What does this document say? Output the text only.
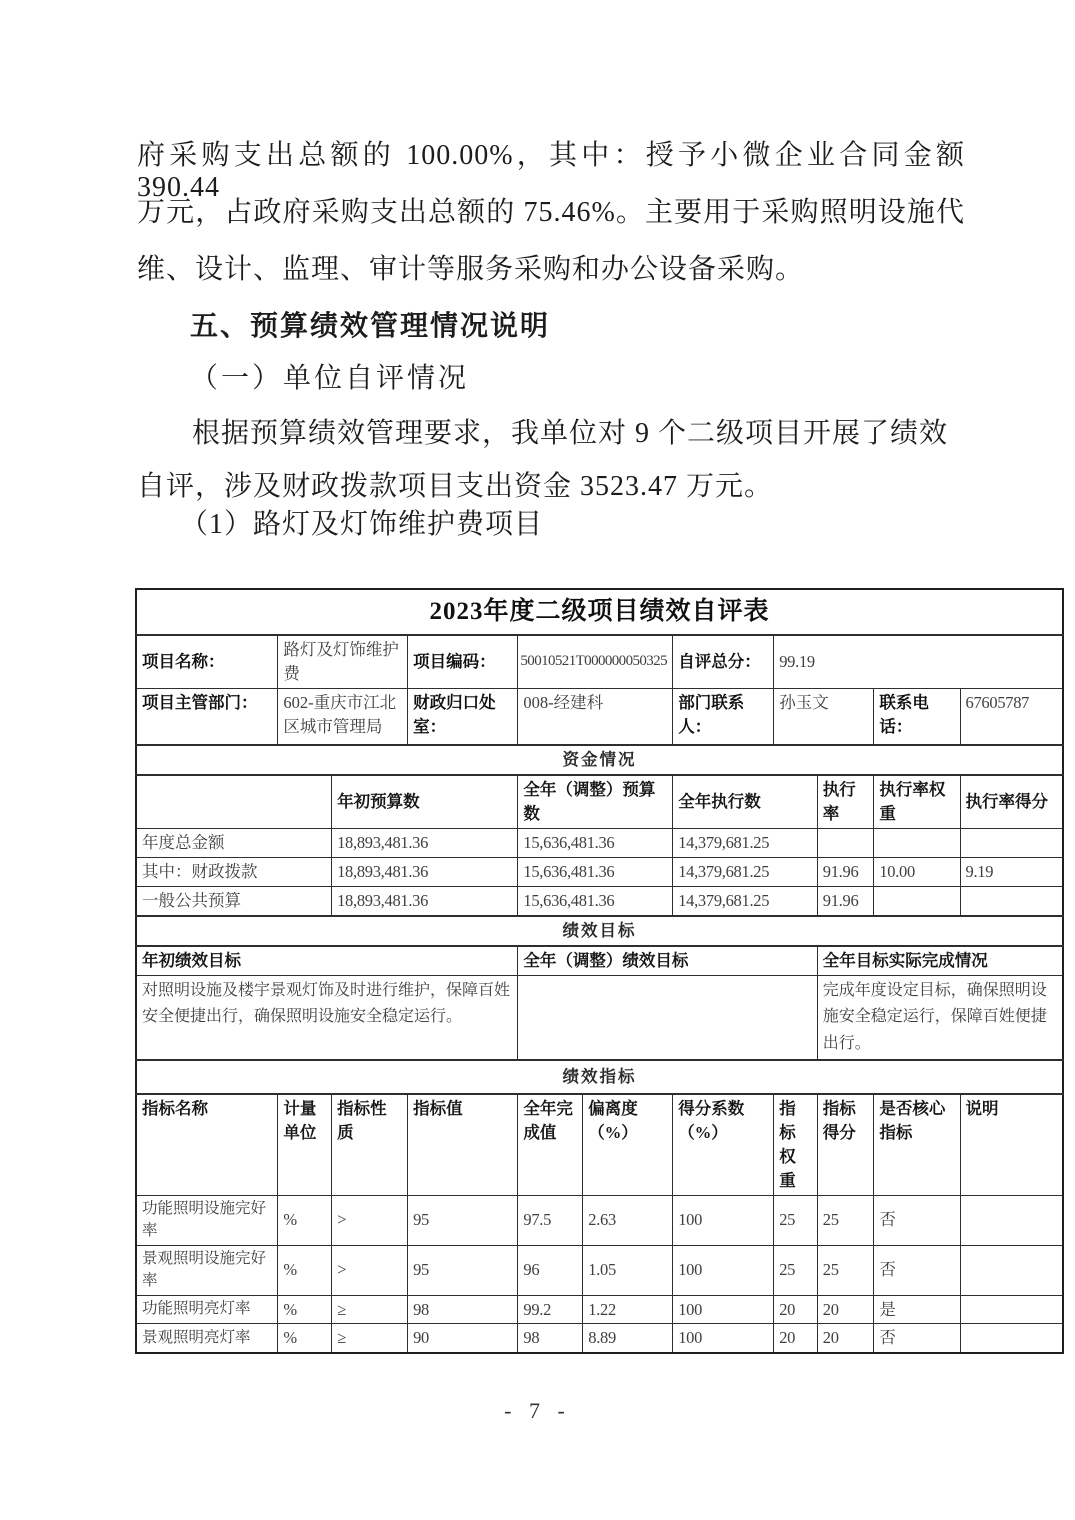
府采购支出总额的 100.00%，其中：授予小微企业合同金额 390.44
万元，占政府采购支出总额的 75.46%。主要用于采购照明设施代
维、设计、监理、审计等服务采购和办公设备采购。
五、预算绩效管理情况说明
（一）单位自评情况
根据预算绩效管理要求，我单位对 9 个二级项目开展了绩效
自评，涉及财政拨款项目支出资金 3523.47 万元。
（1）路灯及灯饰维护费项目
2023年度二级项目绩效自评表										
项目名称：	路灯及灯饰维护费		项目编码：	50010521T000000050325		自评总分：	99.19			
项目主管部门：	602-重庆市江北区城市管理局		财政归口处室：	008-经建科		部门联系人：	孙玉文		联系电话：	67605787
资金情况										
		年初预算数		全年（调整）预算数		全年执行数		执行率	执行率权重	执行率得分
年度总金额		18,893,481.36		15,636,481.36		14,379,681.25				
其中：财政拨款		18,893,481.36		15,636,481.36		14,379,681.25		91.96	10.00	9.19
一般公共预算		18,893,481.36		15,636,481.36		14,379,681.25		91.96		
绩效目标										
年初绩效目标				全年（调整）绩效目标				全年目标实际完成情况		
对照明设施及楼宇景观灯饰及时进行维护，保障百姓安全便捷出行，确保照明设施安全稳定运行。								完成年度设定目标，确保照明设施安全稳定运行，保障百姓便捷出行。		
绩效指标										
指标名称	计量单位	指标性质	指标值	全年完成值	偏离度（%）	得分系数（%）	指标权重	指标得分	是否核心指标	说明
功能照明设施完好率	%	>	95	97.5	2.63	100	25	25	否	
景观照明设施完好率	%	>	95	96	1.05	100	25	25	否	
功能照明亮灯率	%	≥	98	99.2	1.22	100	20	20	是	
景观照明亮灯率	%	≥	90	98	8.89	100	20	20	否	
- 7 -
